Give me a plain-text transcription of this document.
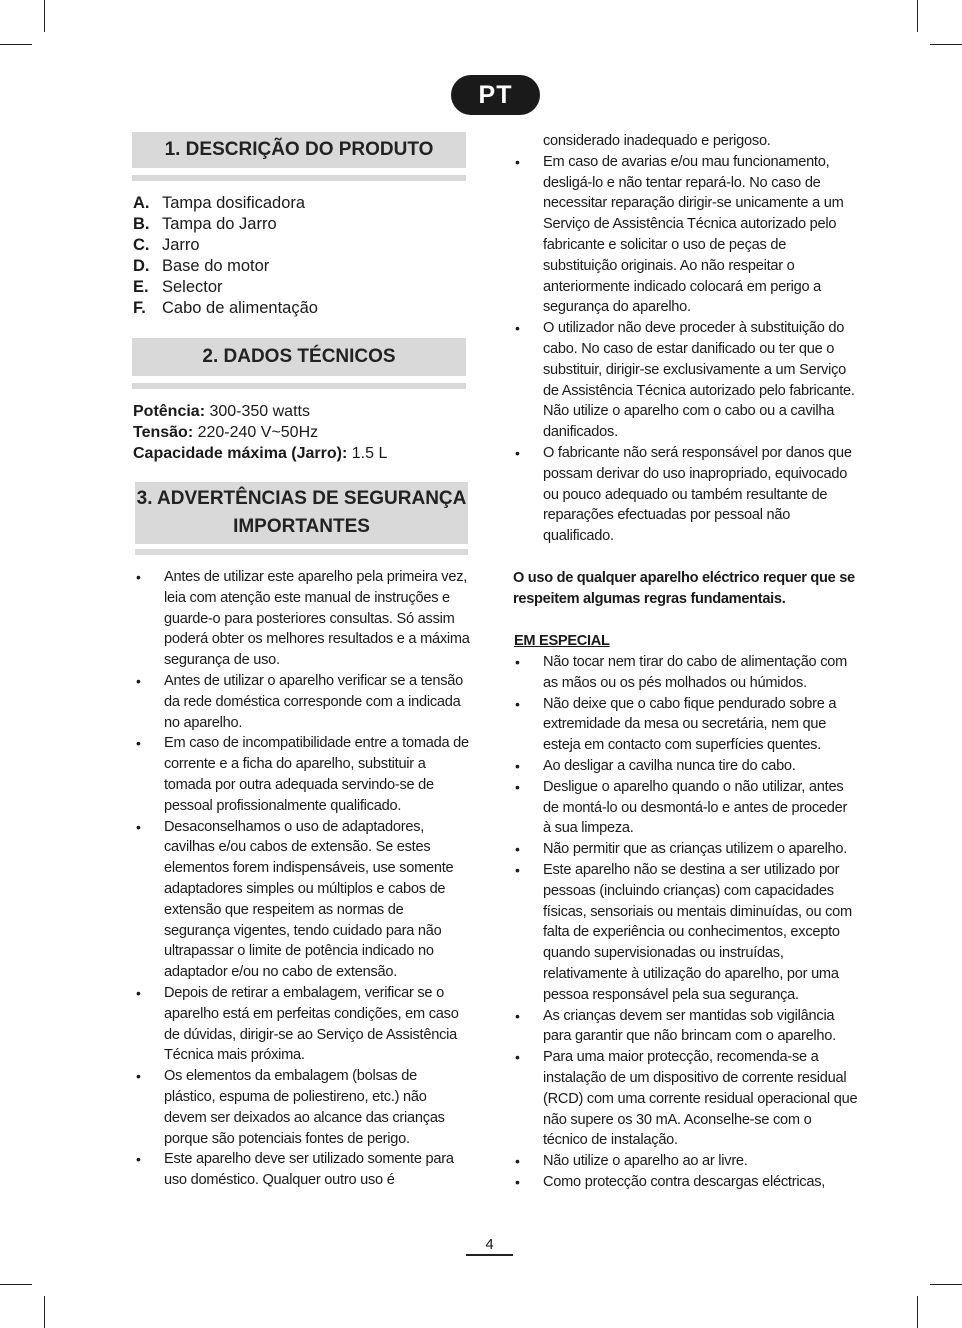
PT
1. DESCRIÇÃO DO PRODUTO
A. Tampa dosificadora
B. Tampa do Jarro
C. Jarro
D. Base do motor
E. Selector
F. Cabo de alimentação
2. DADOS TÉCNICOS
Potência: 300-350 watts
Tensão: 220-240 V~50Hz
Capacidade máxima (Jarro): 1.5 L
3. ADVERTÊNCIAS DE SEGURANÇA
IMPORTANTES
• Antes de utilizar este aparelho pela primeira vez, leia com atenção este manual de instruções e guarde-o para posteriores consultas. Só assim poderá obter os melhores resultados e a máxima segurança de uso.
• Antes de utilizar o aparelho verificar se a tensão da rede doméstica corresponde com a indicada no aparelho.
• Em caso de incompatibilidade entre a tomada de corrente e a ficha do aparelho, substituir a tomada por outra adequada servindo-se de pessoal profissionalmente qualificado.
• Desaconselhamos o uso de adaptadores, cavilhas e/ou cabos de extensão. Se estes elementos forem indispensáveis, use somente adaptadores simples ou múltiplos e cabos de extensão que respeitem as normas de segurança vigentes, tendo cuidado para não ultrapassar o limite de potência indicado no adaptador e/ou no cabo de extensão.
• Depois de retirar a embalagem, verificar se o aparelho está em perfeitas condições, em caso de dúvidas, dirigir-se ao Serviço de Assistência Técnica mais próxima.
• Os elementos da embalagem (bolsas de plástico, espuma de poliestireno, etc.) não devem ser deixados ao alcance das crianças porque são potenciais fontes de perigo.
• Este aparelho deve ser utilizado somente para uso doméstico. Qualquer outro uso é
considerado inadequado e perigoso.
• Em caso de avarias e/ou mau funcionamento, desligá-lo e não tentar repará-lo. No caso de necessitar reparação dirigir-se unicamente a um Serviço de Assistência Técnica autorizado pelo fabricante e solicitar o uso de peças de substituição originais. Ao não respeitar o anteriormente indicado colocará em perigo a segurança do aparelho.
• O utilizador não deve proceder à substituição do cabo. No caso de estar danificado ou ter que o substituir, dirigir-se exclusivamente a um Serviço de Assistência Técnica autorizado pelo fabricante. Não utilize o aparelho com o cabo ou a cavilha danificados.
• O fabricante não será responsável por danos que possam derivar do uso inapropriado, equivocado ou pouco adequado ou também resultante de reparações efectuadas por pessoal não qualificado.
O uso de qualquer aparelho eléctrico requer que se respeitem algumas regras fundamentais.
EM ESPECIAL
• Não tocar nem tirar do cabo de alimentação com as mãos ou os pés molhados ou húmidos.
• Não deixe que o cabo fique pendurado sobre a extremidade da mesa ou secretária, nem que esteja em contacto com superfícies quentes.
• Ao desligar a cavilha nunca tire do cabo.
• Desligue o aparelho quando o não utilizar, antes de montá-lo ou desmontá-lo e antes de proceder à sua limpeza.
• Não permitir que as crianças utilizem o aparelho.
• Este aparelho não se destina a ser utilizado por pessoas (incluindo crianças) com capacidades físicas, sensoriais ou mentais diminuídas, ou com falta de experiência ou conhecimentos, excepto quando supervisionadas ou instruídas, relativamente à utilização do aparelho, por uma pessoa responsável pela sua segurança.
• As crianças devem ser mantidas sob vigilância para garantir que não brincam com o aparelho.
• Para uma maior protecção, recomenda-se a instalação de um dispositivo de corrente residual (RCD) com uma corrente residual operacional que não supere os 30 mA. Aconselhe-se com o técnico de instalação.
• Não utilize o aparelho ao ar livre.
• Como protecção contra descargas eléctricas,
4
